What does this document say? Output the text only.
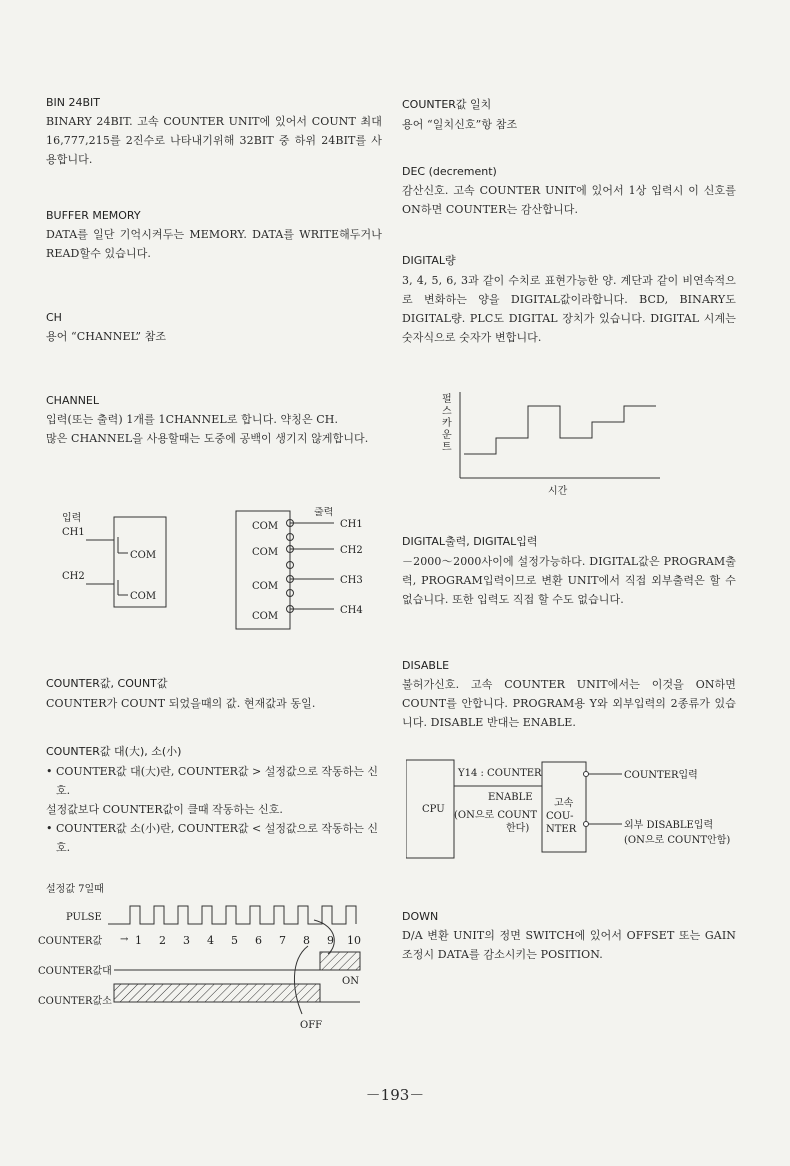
BIN 24BIT

BINARY 24BIT. 고속 COUNTER UNIT에 있어서 COUNT 최대 16,777,215를 2진수로 나타내기위해 32BIT 중 하위 24BIT를 사용합니다.

BUFFER MEMORY

DATA를 일단 기억시켜두는 MEMORY. DATA를 WRITE해두거나 READ할수 있습니다.

CH

용어 “CHANNEL” 참조

CHANNEL

입력(또는 출력) 1개를 1CHANNEL로 합니다. 약칭은 CH.

많은 CHANNEL을 사용할때는 도중에 공백이 생기지 않게합니다.

입력
CH1
CH2
COM
COM
출력
CH1
CH2
CH3
CH4
COM
COM
COM
COM
COUNTER값, COUNT값

COUNTER가 COUNT 되었을때의 값. 현재값과 동일.

COUNTER값 대(大), 소(小)

• COUNTER값 대(大)란, COUNTER값 > 설정값으로 작동하는 신호.

설정값보다 COUNTER값이 클때 작동하는 신호.

• COUNTER값 소(小)란, COUNTER값 < 설정값으로 작동하는 신호.

설정값 7일때
PULSE
COUNTER값 → 1 2 3 4 5 6 7 8 9 10
COUNTER값대
ON
COUNTER값소
OFF
COUNTER값 일치

용어 “일치신호”항 참조

DEC (decrement)

감산신호. 고속 COUNTER UNIT에 있어서 1상 입력시 이 신호를 ON하면 COUNTER는 감산합니다.

DIGITAL량

3, 4, 5, 6, 3과 같이 수치로 표현가능한 양. 계단과 같이 비연속적으로 변화하는 양을 DIGITAL값이라합니다. BCD, BINARY도 DIGITAL량. PLC도 DIGITAL 장치가 있습니다. DIGITAL 시계는 숫자식으로 숫자가 변합니다.

펄 스 카 운 트
시간
DIGITAL출력, DIGITAL입력

－2000～2000사이에 설정가능하다. DIGITAL값은 PROGRAM출력, PROGRAM입력이므로 변환 UNIT에서 직접 외부출력은 할 수 없습니다. 또한 입력도 직접 할 수도 없습니다.

DISABLE

불허가신호. 고속 COUNTER UNIT에서는 이것을 ON하면 COUNT를 안합니다. PROGRAM용 Y와 외부입력의 2종류가 있습니다. DISABLE 반대는 ENABLE.

CPU
Y14 : COUNTER
ENABLE
(ON으로 COUNT
한다)
고속
COU-
NTER
COUNTER입력
외부 DISABLE입력
(ON으로 COUNT안함)
DOWN

D/A 변환 UNIT의 정면 SWITCH에 있어서 OFFSET 또는 GAIN 조정시 DATA를 감소시키는 POSITION.

－193－
